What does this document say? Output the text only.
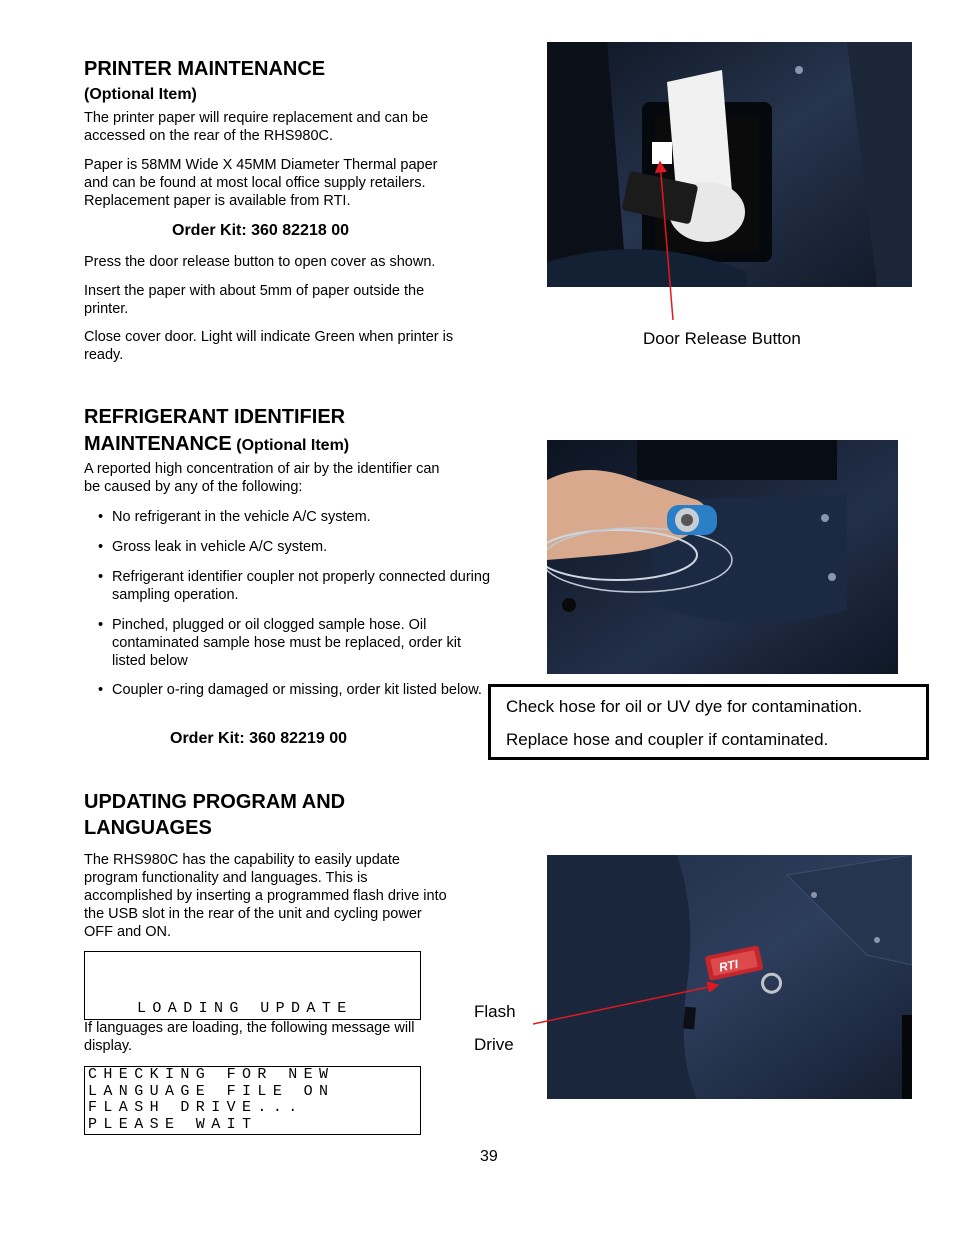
PRINTER MAINTENANCE
(Optional Item)
The printer paper will require replacement and can be accessed on the rear of the RHS980C.
Paper is 58MM Wide X 45MM Diameter Thermal paper and can be found at most local office supply retailers. Replacement paper is available from RTI.
Order Kit: 360 82218 00
Press the door release button to open cover as shown.
Insert the paper with about 5mm of paper outside the printer.
Close cover door. Light will indicate Green when printer is ready.
Door Release Button
REFRIGERANT IDENTIFIER
MAINTENANCE (Optional Item)
A reported high concentration of air by the identifier can be caused by any of the following:
• No refrigerant in the vehicle A/C system.
• Gross leak in vehicle A/C system.
• Refrigerant identifier coupler not properly connected during sampling operation.
• Pinched, plugged or oil clogged sample hose. Oil contaminated sample hose must be replaced, order kit listed below
• Coupler o-ring damaged or missing, order kit listed below.
Order Kit: 360 82219 00
Check hose for oil or UV dye for contamination.
Replace hose and coupler if contaminated.
UPDATING PROGRAM AND
LANGUAGES
The RHS980C has the capability to easily update program functionality and languages. This is accomplished by inserting a programmed flash drive into the USB slot in the rear of the unit and cycling power OFF and ON.
LOADING UPDATE
If languages are loading, the following message will display.
CHECKING FOR NEW
LANGUAGE FILE ON
FLASH DRIVE...
PLEASE WAIT
RTI
Flash
Drive
39
